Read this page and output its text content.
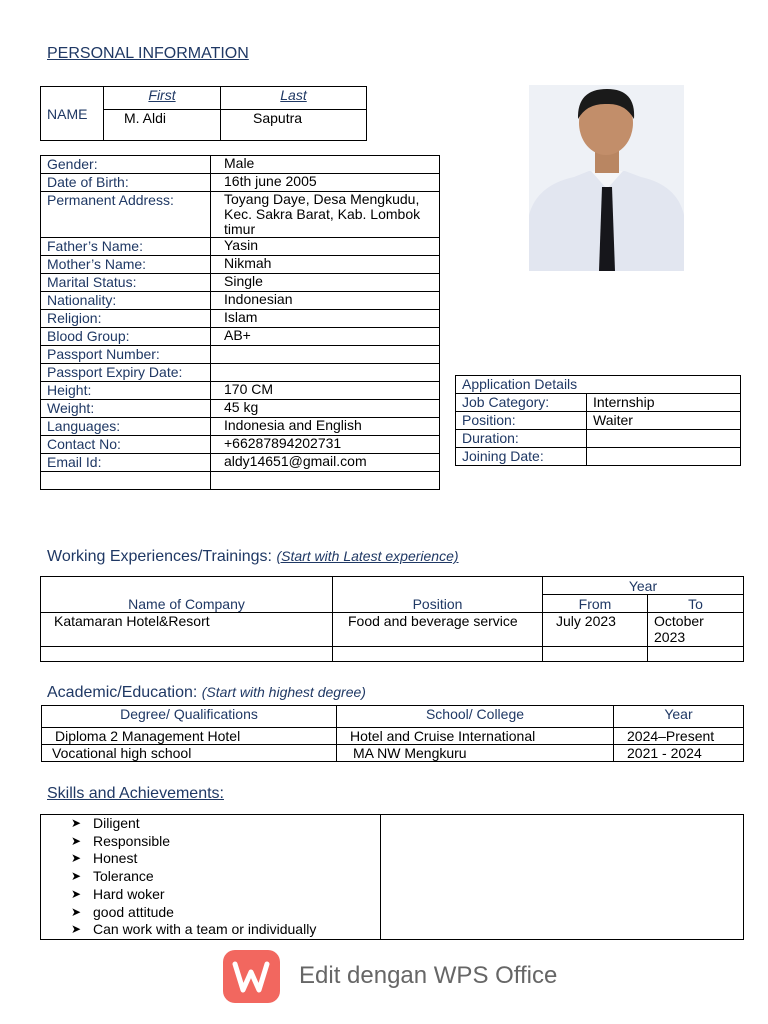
PERSONAL INFORMATION
NAME	First	Last
	M. Aldi	Saputra
Gender:	Male
Date of Birth:	16th june 2005
Permanent Address:	Toyang Daye, Desa Mengkudu, Kec. Sakra Barat, Kab. Lombok timur
Father’s Name:	Yasin
Mother’s Name:	Nikmah
Marital Status:	Single
Nationality:	Indonesian
Religion:	Islam
Blood Group:	AB+
Passport Number:	
Passport Expiry Date:	
Height:	170 CM
Weight:	45 kg
Languages:	Indonesia and English
Contact No:	+66287894202731
Email Id:	aldy14651@gmail.com

Application Details	
Job Category:	Internship
Position:	Waiter
Duration:	
Joining Date:	
Working Experiences/Trainings: (Start with Latest experience)
Name of Company	Position	Year	
		From	To
Katamaran Hotel&Resort	Food and beverage service	July 2023	October 2023

Academic/Education: (Start with highest degree)
Degree/ Qualifications	School/ College	Year
Diploma 2 Management Hotel	Hotel and Cruise International	2024–Present
Vocational high school	MA NW Mengkuru	2021 - 2024
Skills and Achievements:
➤ Diligent
➤ Responsible
➤ Honest
➤ Tolerance
➤ Hard woker
➤ good attitude
➤ Can work with a team or individually

Edit dengan WPS Office
